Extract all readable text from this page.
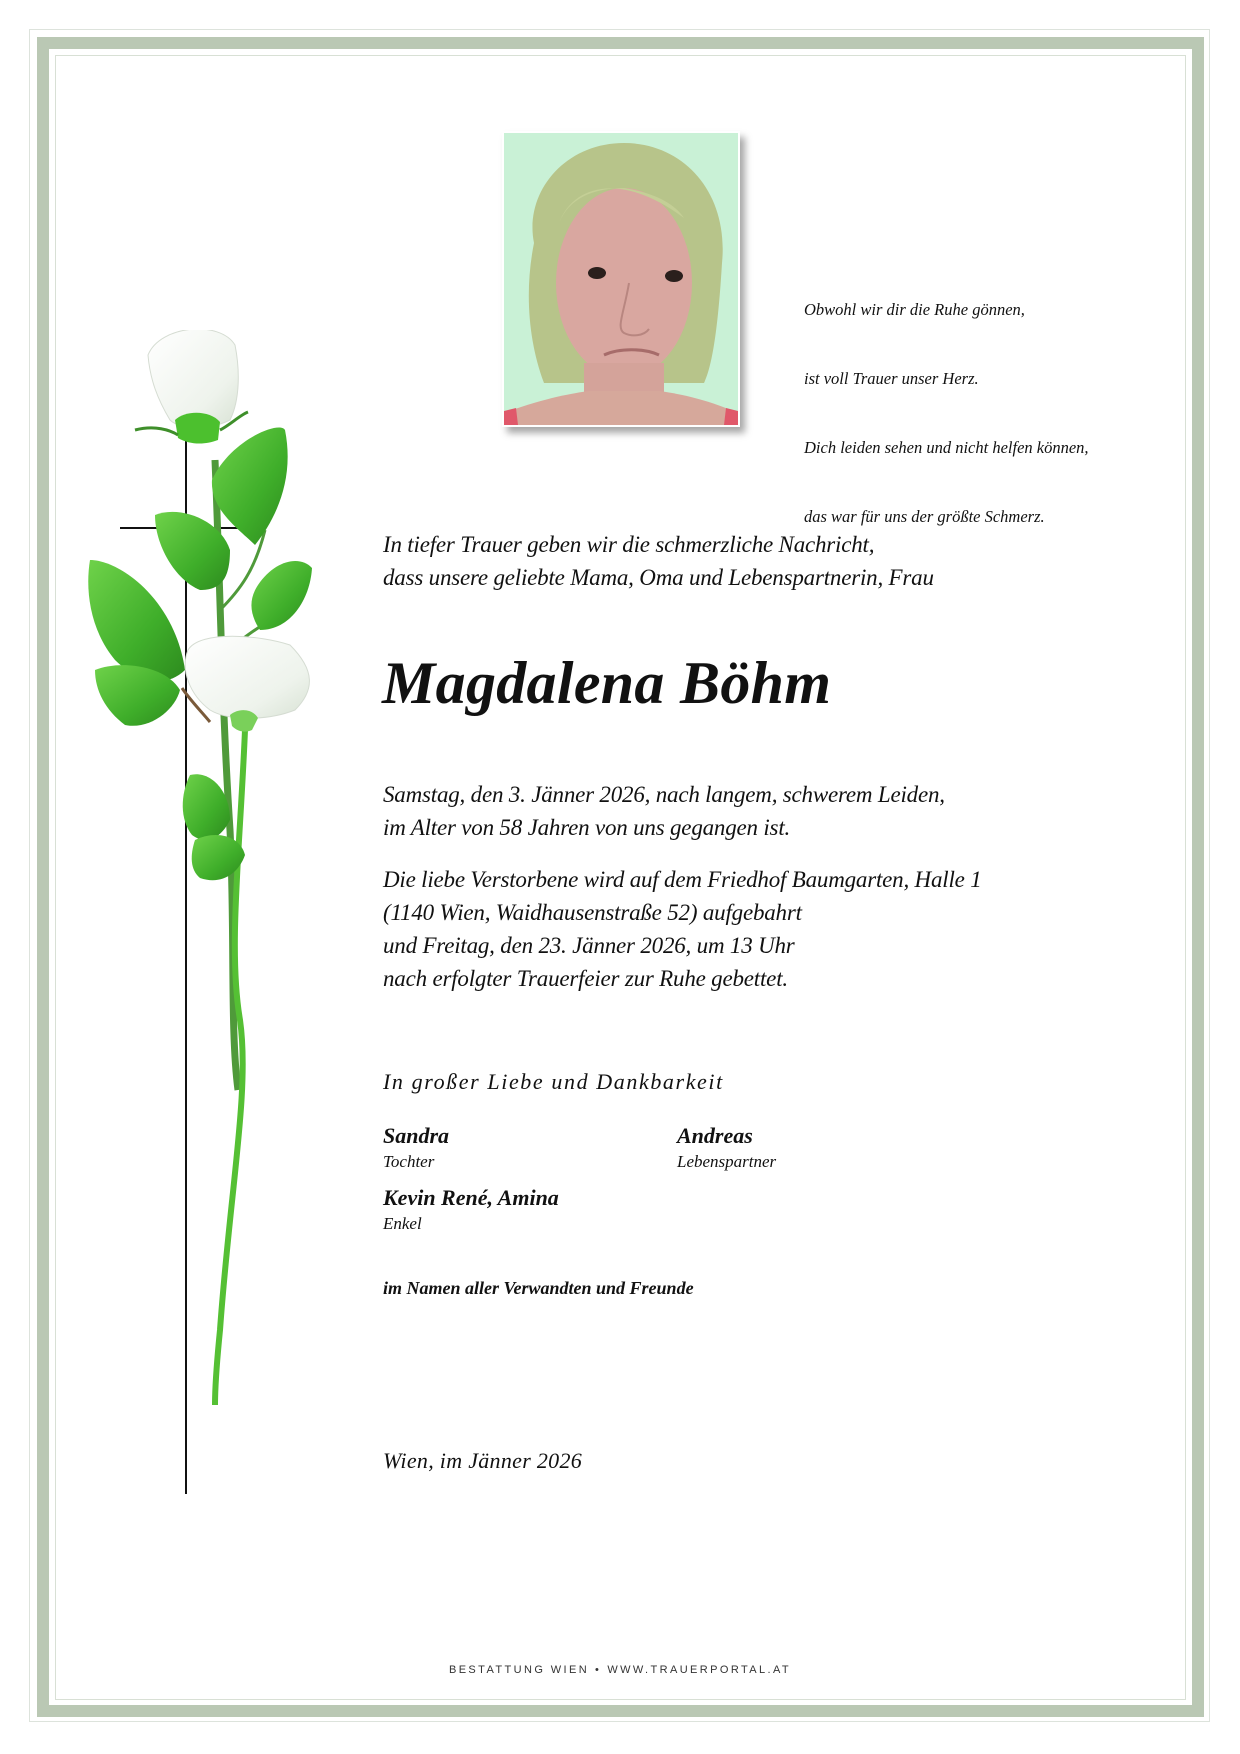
Obwohl wir dir die Ruhe gönnen,

ist voll Trauer unser Herz.

Dich leiden sehen und nicht helfen können,

das war für uns der größte Schmerz.

In tiefer Trauer geben wir die schmerzliche Nachricht,
dass unsere geliebte Mama, Oma und Lebenspartnerin, Frau
Magdalena Böhm
Samstag, den 3. Jänner 2026, nach langem, schwerem Leiden,
im Alter von 58 Jahren von uns gegangen ist.
Die liebe Verstorbene wird auf dem Friedhof Baumgarten, Halle 1
(1140 Wien, Waidhausenstraße 52) aufgebahrt
und Freitag, den 23. Jänner 2026, um 13 Uhr
nach erfolgter Trauerfeier zur Ruhe gebettet.
In großer Liebe und Dankbarkeit
Sandra
Tochter
Andreas
Lebenspartner
Kevin René, Amina
Enkel
im Namen aller Verwandten und Freunde
Wien, im Jänner 2026
BESTATTUNG WIEN • WWW.TRAUERPORTAL.AT
